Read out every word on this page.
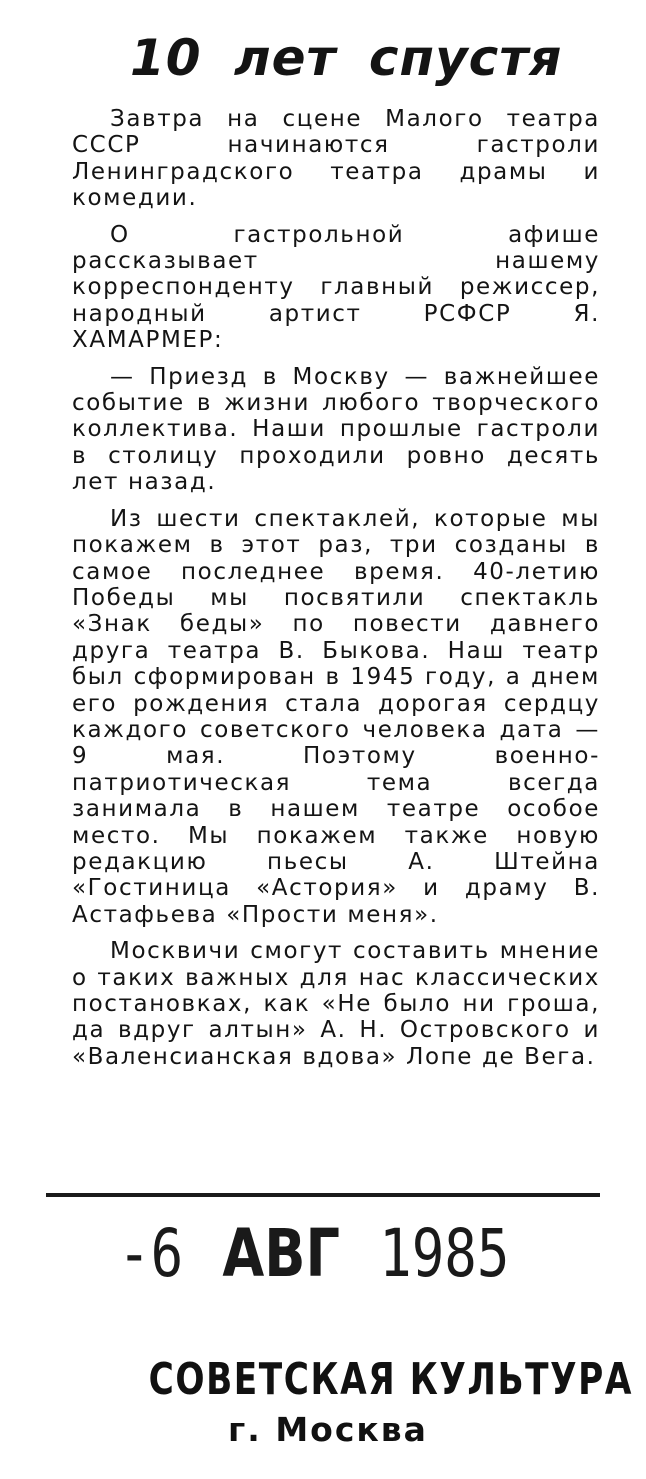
10 лет спустя

Завтра на сцене Малого театра СССР начинаются гастроли Ленинградского театра драмы и комедии.

О гастрольной афише рассказывает нашему корреспонденту главный режиссер, народный артист РСФСР Я. ХАМАРМЕР:

— Приезд в Москву — важнейшее событие в жизни любого творческого коллектива. Наши прошлые гастроли в столицу проходили ровно десять лет назад.

Из шести спектаклей, которые мы покажем в этот раз, три созданы в самое последнее время. 40-летию Победы мы посвятили спектакль «Знак беды» по повести давнего друга театра В. Быкова. Наш театр был сформирован в 1945 году, а днем его рождения стала дорогая сердцу каждого советского человека дата — 9 мая. Поэтому военно-патриотическая тема всегда занимала в нашем театре особое место. Мы покажем также новую редакцию пьесы А. Штейна «Гостиница «Астория» и драму В. Астафьева «Прости меня».

Москвичи смогут составить мнение о таких важных для нас классических постановках, как «Не было ни гроша, да вдруг алтын» А. Н. Островского и «Валенсианская вдова» Лопе де Вега.

-6 АВГ 1985
СОВЕТСКАЯ КУЛЬТУРА
г. Москва
